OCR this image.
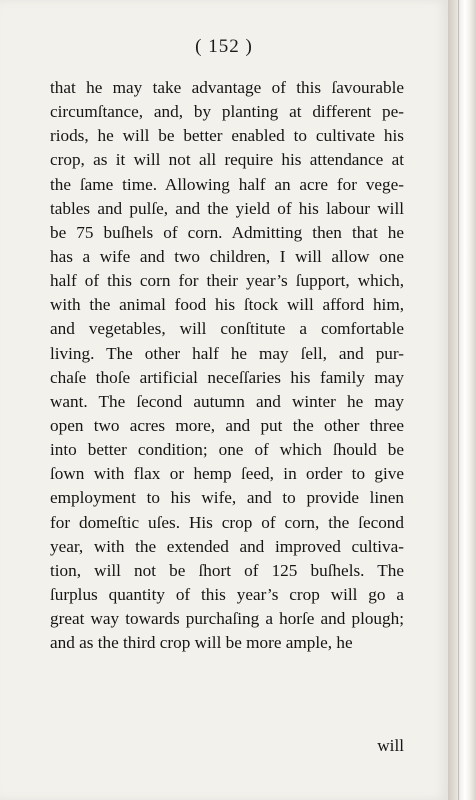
( 152 )
that he may take advantage of this ſavourable
circumſtance, and, by planting at different pe-
riods, he will be better enabled to cultivate his
crop, as it will not all require his attendance at
the ſame time. Allowing half an acre for vege-
tables and pulſe, and the yield of his labour will
be 75 buſhels of corn. Admitting then that he
has a wife and two children, I will allow one
half of this corn for their year’s ſupport, which,
with the animal food his ſtock will afford him,
and vegetables, will conſtitute a comfortable
living. The other half he may ſell, and pur-
chaſe thoſe artificial neceſſaries his family may
want. The ſecond autumn and winter he may
open two acres more, and put the other three
into better condition; one of which ſhould be
ſown with flax or hemp ſeed, in order to give
employment to his wife, and to provide linen
for domeſtic uſes. His crop of corn, the ſecond
year, with the extended and improved cultiva-
tion, will not be ſhort of 125 buſhels. The
ſurplus quantity of this year’s crop will go a
great way towards purchaſing a horſe and plough;
and as the third crop will be more ample, he
will
